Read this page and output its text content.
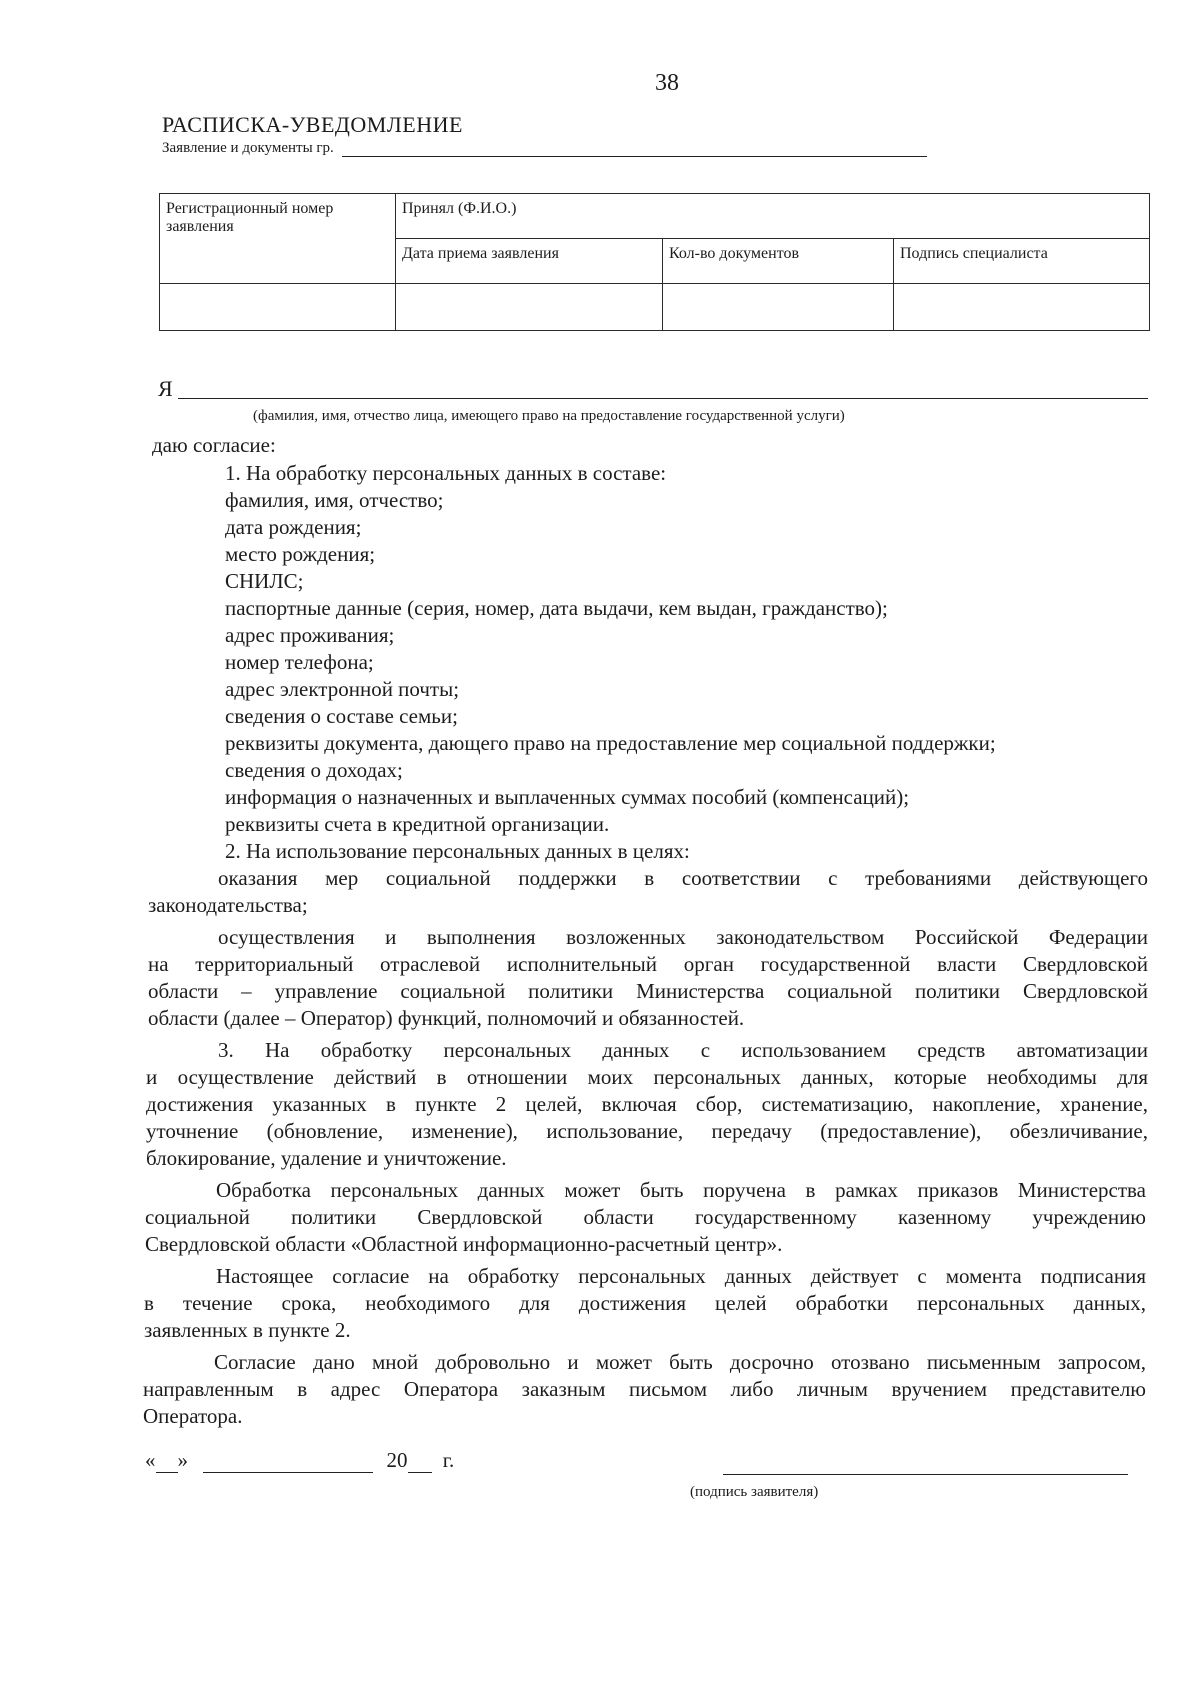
38
РАСПИСКА-УВЕДОМЛЕНИЕ
Заявление и документы гр.
Регистрационный номер заявления	Принял (Ф.И.О.)		
	Дата приема заявления	Кол-во документов	Подпись специалиста

Я
(фамилия, имя, отчество лица, имеющего право на предоставление государственной услуги)
даю согласие:
1. На обработку персональных данных в составе:
фамилия, имя, отчество;
дата рождения;
место рождения;
СНИЛС;
паспортные данные (серия, номер, дата выдачи, кем выдан, гражданство);
адрес проживания;
номер телефона;
адрес электронной почты;
сведения о составе семьи;
реквизиты документа, дающего право на предоставление мер социальной поддержки;
сведения о доходах;
информация о назначенных и выплаченных суммах пособий (компенсаций);
реквизиты счета в кредитной организации.
2. На использование персональных данных в целях:
оказания мер социальной поддержки в соответствии с требованиями действующего
законодательства;
осуществления и выполнения возложенных законодательством Российской Федерации
на территориальный отраслевой исполнительный орган государственной власти Свердловской
области – управление социальной политики Министерства социальной политики Свердловской
области (далее – Оператор) функций, полномочий и обязанностей.
3. На обработку персональных данных с использованием средств автоматизации
и осуществление действий в отношении моих персональных данных, которые необходимы для
достижения указанных в пункте 2 целей, включая сбор, систематизацию, накопление, хранение,
уточнение (обновление, изменение), использование, передачу (предоставление), обезличивание,
блокирование, удаление и уничтожение.
Обработка персональных данных может быть поручена в рамках приказов Министерства
социальной политики Свердловской области государственному казенному учреждению
Свердловской области «Областной информационно-расчетный центр».
Настоящее согласие на обработку персональных данных действует с момента подписания
в течение срока, необходимого для достижения целей обработки персональных данных,
заявленных в пункте 2.
Согласие дано мной добровольно и может быть досрочно отозвано письменным запросом,
направленным в адрес Оператора заказным письмом либо личным вручением представителю
Оператора.
« »	20 г.
(подпись заявителя)
